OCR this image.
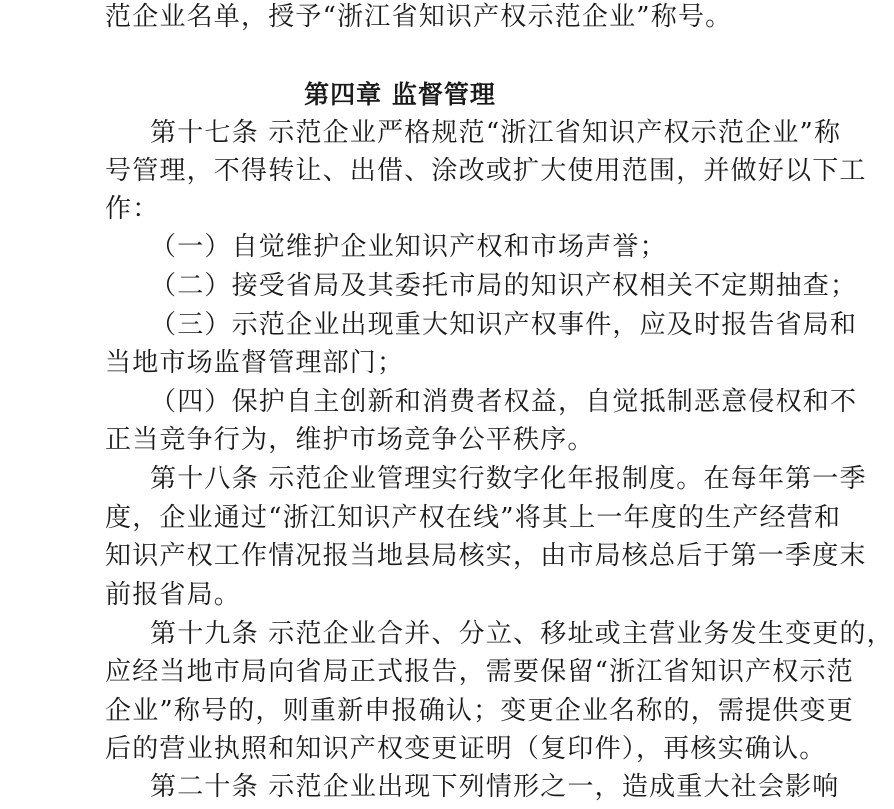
范企业名单，授予“浙江省知识产权示范企业”称号。
第四章 监督管理
第十七条 示范企业严格规范“浙江省知识产权示范企业”称
号管理，不得转让、出借、涂改或扩大使用范围，并做好以下工
作：
（一）自觉维护企业知识产权和市场声誉；
（二）接受省局及其委托市局的知识产权相关不定期抽查；
（三）示范企业出现重大知识产权事件，应及时报告省局和
当地市场监督管理部门；
（四）保护自主创新和消费者权益，自觉抵制恶意侵权和不
正当竞争行为，维护市场竞争公平秩序。
第十八条 示范企业管理实行数字化年报制度。在每年第一季
度，企业通过“浙江知识产权在线”将其上一年度的生产经营和
知识产权工作情况报当地县局核实，由市局核总后于第一季度末
前报省局。
第十九条 示范企业合并、分立、移址或主营业务发生变更的，
应经当地市局向省局正式报告，需要保留“浙江省知识产权示范
企业”称号的，则重新申报确认；变更企业名称的，需提供变更
后的营业执照和知识产权变更证明（复印件），再核实确认。
第二十条 示范企业出现下列情形之一，造成重大社会影响
